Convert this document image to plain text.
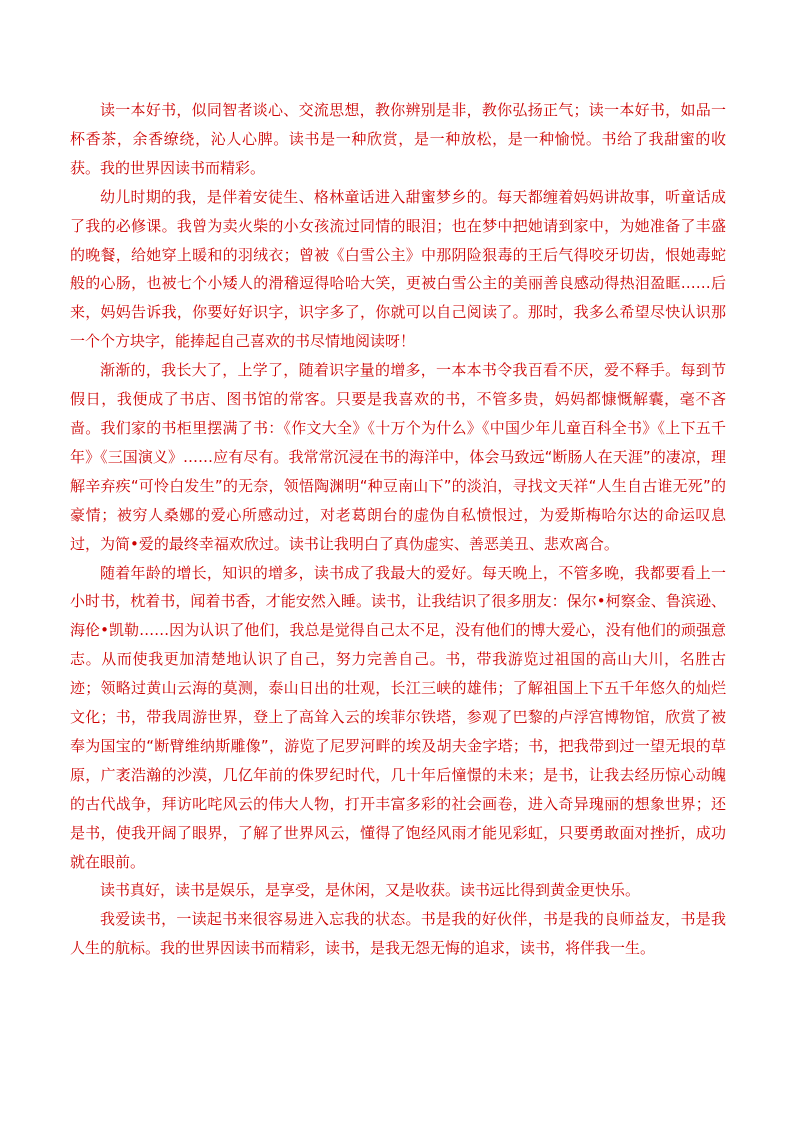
读一本好书，似同智者谈心、交流思想，教你辨别是非，教你弘扬正气；读一本好书，如品一杯香茶，余香缭绕，沁人心脾。读书是一种欣赏，是一种放松，是一种愉悦。书给了我甜蜜的收获。我的世界因读书而精彩。

幼儿时期的我，是伴着安徒生、格林童话进入甜蜜梦乡的。每天都缠着妈妈讲故事，听童话成了我的必修课。我曾为卖火柴的小女孩流过同情的眼泪；也在梦中把她请到家中，为她准备了丰盛的晚餐，给她穿上暖和的羽绒衣；曾被《白雪公主》中那阴险狠毒的王后气得咬牙切齿，恨她毒蛇般的心肠，也被七个小矮人的滑稽逗得哈哈大笑，更被白雪公主的美丽善良感动得热泪盈眶……后来，妈妈告诉我，你要好好识字，识字多了，你就可以自己阅读了。那时，我多么希望尽快认识那一个个方块字，能捧起自己喜欢的书尽情地阅读呀！

渐渐的，我长大了，上学了，随着识字量的增多，一本本书令我百看不厌，爱不释手。每到节假日，我便成了书店、图书馆的常客。只要是我喜欢的书，不管多贵，妈妈都慷慨解囊，毫不吝啬。我们家的书柜里摆满了书：《作文大全》《十万个为什么》《中国少年儿童百科全书》《上下五千年》《三国演义》……应有尽有。我常常沉浸在书的海洋中，体会马致远“断肠人在天涯”的凄凉，理解辛弃疾“可怜白发生”的无奈，领悟陶渊明“种豆南山下”的淡泊，寻找文天祥“人生自古谁无死”的豪情；被穷人桑娜的爱心所感动过，对老葛朗台的虚伪自私愤恨过，为爱斯梅哈尔达的命运叹息过，为简•爱的最终幸福欢欣过。读书让我明白了真伪虚实、善恶美丑、悲欢离合。

随着年龄的增长，知识的增多，读书成了我最大的爱好。每天晚上，不管多晚，我都要看上一小时书，枕着书，闻着书香，才能安然入睡。读书，让我结识了很多朋友：保尔•柯察金、鲁滨逊、海伦•凯勒……因为认识了他们，我总是觉得自己太不足，没有他们的博大爱心，没有他们的顽强意志。从而使我更加清楚地认识了自己，努力完善自己。书，带我游览过祖国的高山大川，名胜古迹；领略过黄山云海的莫测，泰山日出的壮观，长江三峡的雄伟；了解祖国上下五千年悠久的灿烂文化；书，带我周游世界，登上了高耸入云的埃菲尔铁塔，参观了巴黎的卢浮宫博物馆，欣赏了被奉为国宝的“断臂维纳斯雕像”，游览了尼罗河畔的埃及胡夫金字塔；书，把我带到过一望无垠的草原，广袤浩瀚的沙漠，几亿年前的侏罗纪时代，几十年后憧憬的未来；是书，让我去经历惊心动魄的古代战争，拜访叱咤风云的伟大人物，打开丰富多彩的社会画卷，进入奇异瑰丽的想象世界；还是书，使我开阔了眼界，了解了世界风云，懂得了饱经风雨才能见彩虹，只要勇敢面对挫折，成功就在眼前。

读书真好，读书是娱乐，是享受，是休闲，又是收获。读书远比得到黄金更快乐。

我爱读书，一读起书来很容易进入忘我的状态。书是我的好伙伴，书是我的良师益友，书是我人生的航标。我的世界因读书而精彩，读书，是我无怨无悔的追求，读书，将伴我一生。
